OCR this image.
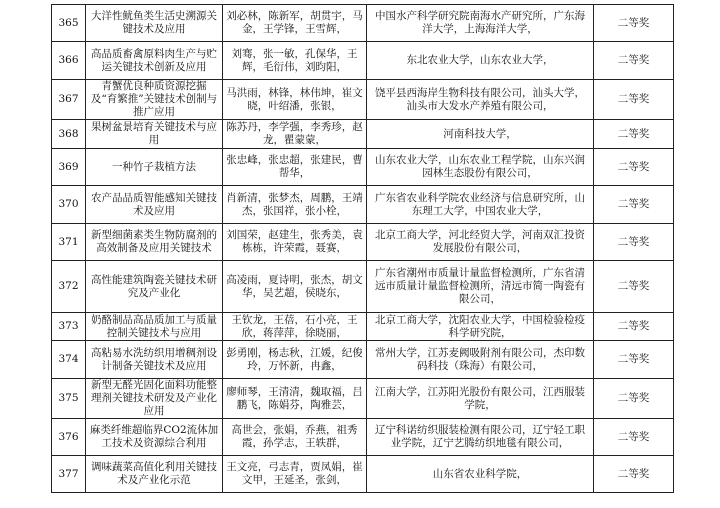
365	大洋性鱿鱼类生活史溯源关键技术及应用	刘必林，陈新军，胡贯宇，马金，王学锋，王雪辉，	中国水产科学研究院南海水产研究所，广东海洋大学，上海海洋大学，	二等奖
366	高品质畜禽原料肉生产与贮运关键技术创新及应用	刘骞，张一敏，孔保华，王辉，毛衍伟，刘昀阳，	东北农业大学，山东农业大学，	二等奖
367	青蟹优良种质资源挖掘及“育繁推”关键技术创制与推广应用	马洪雨，林锋，林伟坤，崔文晓，叶绍潘，张银，	饶平县西海岸生物科技有限公司，汕头大学，汕头市大发水产养殖有限公司，	二等奖
368	果树盆景培育关键技术与应用	陈苏丹，李学强，李秀珍，赵龙，瞿蒙蒙，	河南科技大学，	二等奖
369	一种竹子栽植方法	张忠峰，张忠超，张建民，曹帮华，	山东农业大学，山东农业工程学院，山东兴润园林生态股份有限公司，	二等奖
370	农产品品质智能感知关键技术及应用	肖新清，张梦杰，周鹏，王靖杰，张国祥，张小栓，	广东省农业科学院农业经济与信息研究所，山东理工大学，中国农业大学，	二等奖
371	新型细菌素类生物防腐剂的高效制备及应用关键技术	刘国荣，赵建生，张秀美，袁栋栋，许荣霞，聂赛，	北京工商大学，河北经贸大学，河南双汇投资发展股份有限公司，	二等奖
372	高性能建筑陶瓷关键技术研究及产业化	高凌雨，夏诗明，张杰，胡文华，吴艺超，侯晓东，	广东省潮州市质量计量监督检测所，广东省清远市质量计量监督检测所，清远市简一陶瓷有限公司，	二等奖
373	奶酪制品高品质加工与质量控制关键技术与应用	王钦龙，王蓓，石小亮，王欣，蒋萍萍，徐晓丽，	北京工商大学，沈阳农业大学，中国检验检疫科学研究院，	二等奖
374	高粘易水洗纺织用增稠剂设计制备关键技术及应用	彭勇刚，杨志秋，江媛，纪俊玲，万怀新，冉鑫，	常州大学，江苏麦阙吸附剂有限公司，杰印数码科技（珠海）有限公司，	二等奖
375	新型无醛光固化面料功能整理剂关键技术研发及产业化应用	廖师琴，王清清，魏取福，吕鹏飞，陈娟芬，陶雅芸，	江南大学，江苏阳光股份有限公司，江西服装学院，	二等奖
376	麻类纤维超临界CO2流体加工技术及资源综合利用	高世会，张娟，乔燕，祖秀霞，孙学志，王轶群，	辽宁科诺纺织服装检测有限公司，辽宁轻工职业学院，辽宁艺腾纺织地毯有限公司，	二等奖
377	调味蔬菜高值化利用关键技术及产业化示范	王文亮，弓志青，贾凤娟，崔文甲，王延圣，张剑，	山东省农业科学院，	二等奖
